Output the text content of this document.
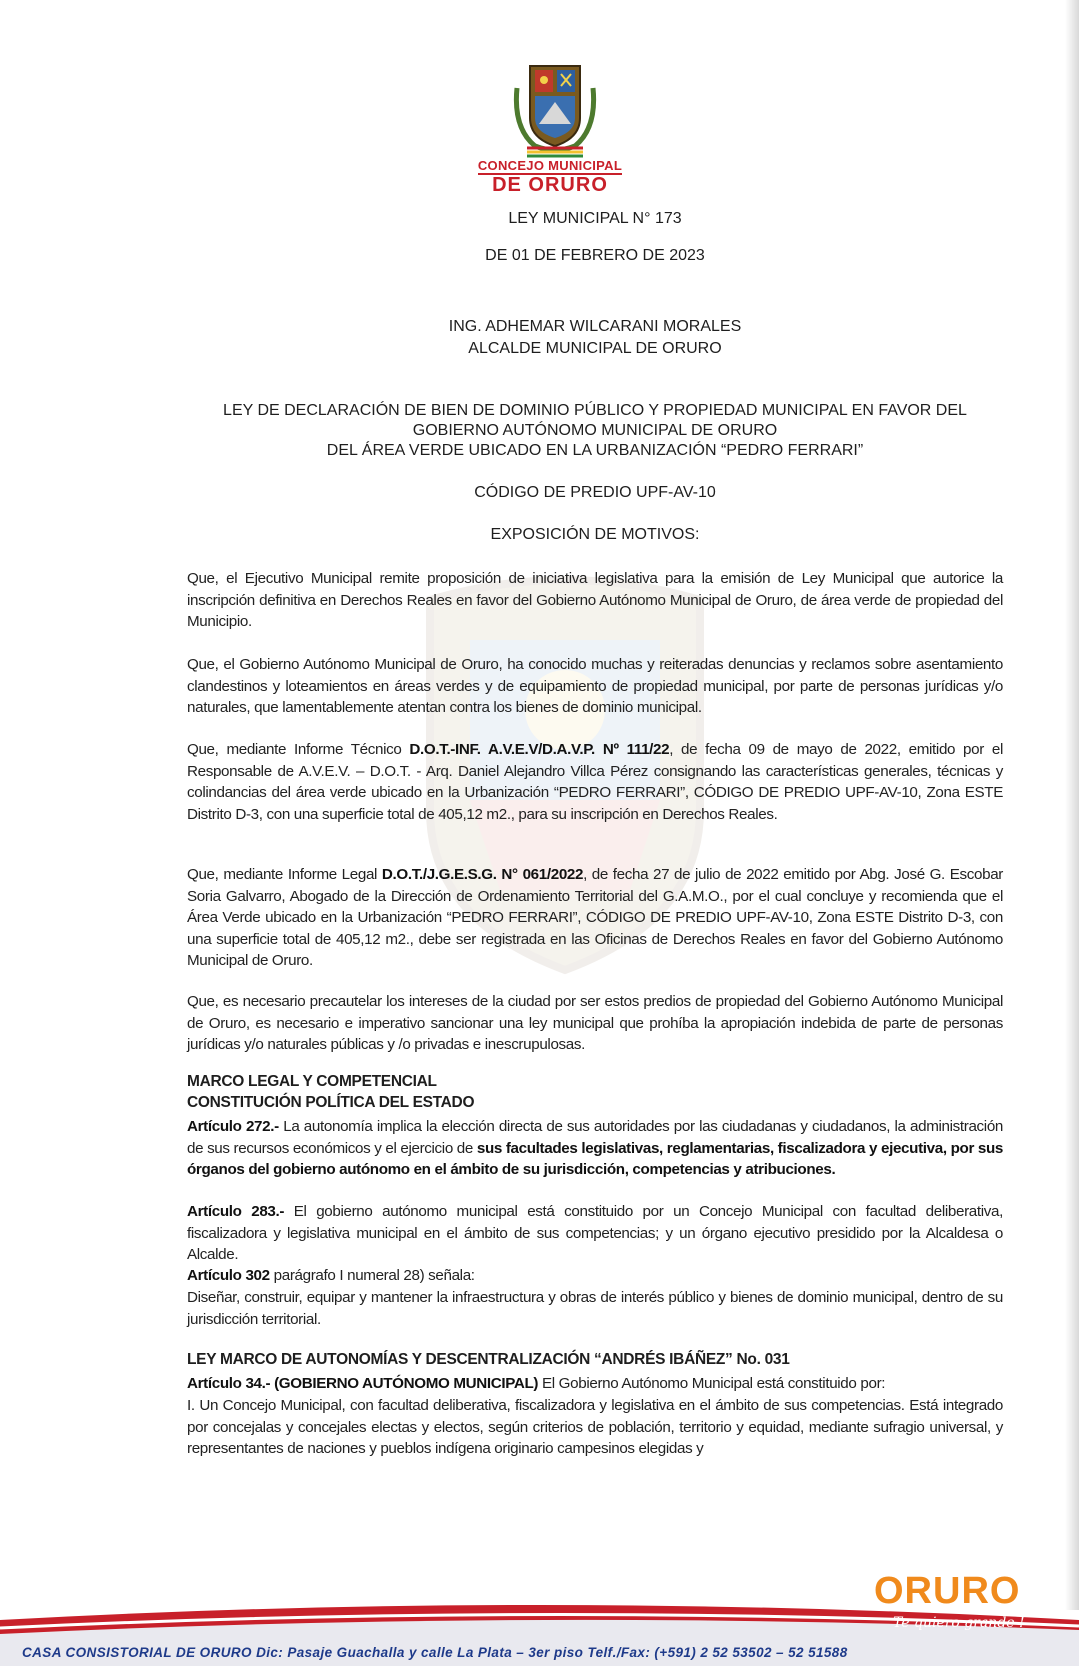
CONCEJO MUNICIPAL
DE ORURO
LEY MUNICIPAL N° 173
DE 01 DE FEBRERO DE 2023
ING. ADHEMAR WILCARANI MORALES
ALCALDE MUNICIPAL DE ORURO
LEY DE DECLARACIÓN DE BIEN DE DOMINIO PÚBLICO Y PROPIEDAD MUNICIPAL EN FAVOR DEL
GOBIERNO AUTÓNOMO MUNICIPAL DE ORURO
DEL ÁREA VERDE UBICADO EN LA URBANIZACIÓN “PEDRO FERRARI”
CÓDIGO DE PREDIO UPF-AV-10
EXPOSICIÓN DE MOTIVOS:
Que, el Ejecutivo Municipal remite proposición de iniciativa legislativa para la emisión de Ley Municipal que autorice la inscripción definitiva en Derechos Reales en favor del Gobierno Autónomo Municipal de Oruro, de área verde de propiedad del Municipio.
Que, el Gobierno Autónomo Municipal de Oruro, ha conocido muchas y reiteradas denuncias y reclamos sobre asentamiento clandestinos y loteamientos en áreas verdes y de equipamiento de propiedad municipal, por parte de personas jurídicas y/o naturales, que lamentablemente atentan contra los bienes de dominio municipal.
Que, mediante Informe Técnico D.O.T.-INF. A.V.E.V/D.A.V.P. Nº 111/22, de fecha 09 de mayo de 2022, emitido por el Responsable de A.V.E.V. – D.O.T. - Arq. Daniel Alejandro Villca Pérez consignando las características generales, técnicas y colindancias del área verde ubicado en la Urbanización “PEDRO FERRARI”, CÓDIGO DE PREDIO UPF-AV-10, Zona ESTE Distrito D-3, con una superficie total de 405,12 m2., para su inscripción en Derechos Reales.
Que, mediante Informe Legal D.O.T./J.G.E.S.G. N° 061/2022, de fecha 27 de julio de 2022 emitido por Abg. José G. Escobar Soria Galvarro, Abogado de la Dirección de Ordenamiento Territorial del G.A.M.O., por el cual concluye y recomienda que el Área Verde ubicado en la Urbanización “PEDRO FERRARI”, CÓDIGO DE PREDIO UPF-AV-10, Zona ESTE Distrito D-3, con una superficie total de 405,12 m2., debe ser registrada en las Oficinas de Derechos Reales en favor del Gobierno Autónomo Municipal de Oruro.
Que, es necesario precautelar los intereses de la ciudad por ser estos predios de propiedad del Gobierno Autónomo Municipal de Oruro, es necesario e imperativo sancionar una ley municipal que prohíba la apropiación indebida de parte de personas jurídicas y/o naturales públicas y /o privadas e inescrupulosas.
MARCO LEGAL Y COMPETENCIAL
CONSTITUCIÓN POLÍTICA DEL ESTADO
Artículo 272.- La autonomía implica la elección directa de sus autoridades por las ciudadanas y ciudadanos, la administración de sus recursos económicos y el ejercicio de sus facultades legislativas, reglamentarias, fiscalizadora y ejecutiva, por sus órganos del gobierno autónomo en el ámbito de su jurisdicción, competencias y atribuciones.
Artículo 283.- El gobierno autónomo municipal está constituido por un Concejo Municipal con facultad deliberativa, fiscalizadora y legislativa municipal en el ámbito de sus competencias; y un órgano ejecutivo presidido por la Alcaldesa o Alcalde.
Artículo 302 parágrafo I numeral 28) señala:
Diseñar, construir, equipar y mantener la infraestructura y obras de interés público y bienes de dominio municipal, dentro de su jurisdicción territorial.
LEY MARCO DE AUTONOMÍAS Y DESCENTRALIZACIÓN “ANDRÉS IBÁÑEZ” No. 031
Artículo 34.- (GOBIERNO AUTÓNOMO MUNICIPAL) El Gobierno Autónomo Municipal está constituido por:
I. Un Concejo Municipal, con facultad deliberativa, fiscalizadora y legislativa en el ámbito de sus competencias. Está integrado por concejalas y concejales electas y electos, según criterios de población, territorio y equidad, mediante sufragio universal, y representantes de naciones y pueblos indígena originario campesinos elegidas y
ORURO
Te quiero grande !
CASA CONSISTORIAL DE ORURO Dic: Pasaje Guachalla y calle La Plata – 3er piso Telf./Fax: (+591) 2 52 53502 – 52 51588
